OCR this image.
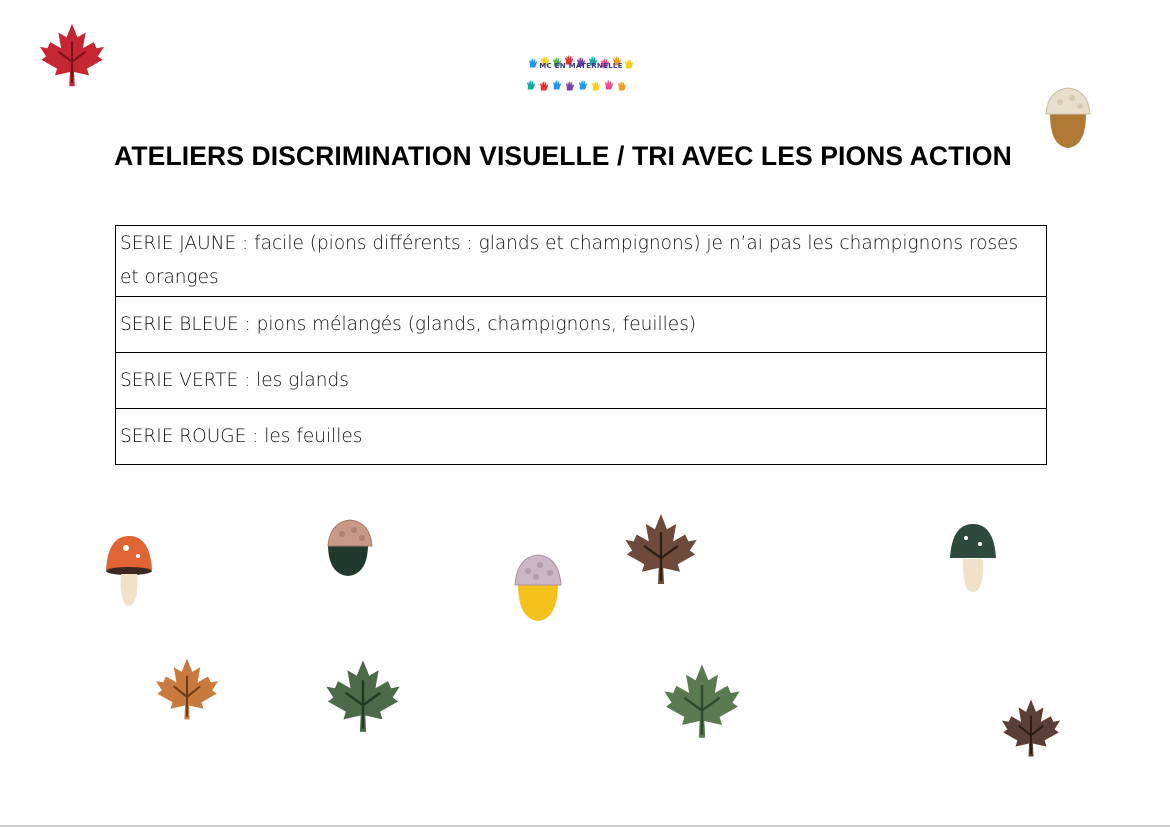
MC EN MATERNELLE
ATELIERS DISCRIMINATION VISUELLE / TRI AVEC LES PIONS ACTION
SERIE JAUNE : facile (pions différents : glands et champignons) je n’ai pas les champignons roses et oranges
SERIE BLEUE : pions mélangés (glands, champignons, feuilles)
SERIE VERTE : les glands
SERIE ROUGE : les feuilles
